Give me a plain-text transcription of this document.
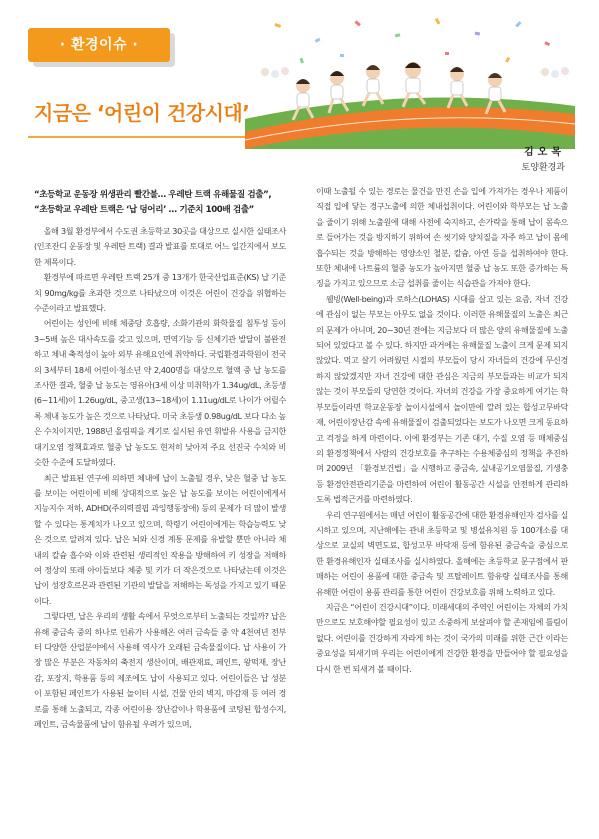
· 환경이슈 ·
지금은 ‘어린이 건강시대’
김오목
토양환경과
“초등학교 운동장 위생관리 빨간불… 우레탄 트랙 유해물질 검출”,
“초등학교 우레탄 트랙은 ‘납 덩어리’ … 기준치 100배 검출”

올해 3월 환경부에서 수도권 초등학교 30곳을 대상으로 실시한 실태조사(인조잔디 운동장 및 우레탄 트랙) 결과 발표를 토대로 어느 일간지에서 보도한 제목이다.

환경부에 따르면 우레탄 트랙 25개 중 13개가 한국산업표준(KS) 납 기준치 90mg/kg를 초과한 것으로 나타났으며 이것은 어린이 건강을 위협하는 수준이라고 발표했다.

어린이는 성인에 비해 체중당 호흡량, 소화기관의 화학물질 침투성 등이 3~5배 높은 대사속도를 갖고 있으며, 면역기능 등 신체기관 발달이 불완전하고 체내 축적성이 높아 외부 유해요인에 취약하다. 국립환경과학원이 전국의 3세부터 18세 어린이·청소년 약 2,400명을 대상으로 혈액 중 납 농도를 조사한 결과, 혈중 납 농도는 영유아(3세 이상 미취학)가 1.34ug/dL, 초등생(6~11세)이 1.26ug/dL, 중고생(13~18세)이 1.11ug/dL로 나이가 어릴수록 체내 농도가 높은 것으로 나타났다. 미국 초등생 0.98ug/dL 보다 다소 높은 수치이지만, 1988년 올림픽을 계기로 실시된 유연 휘발유 사용을 금지한 대기오염 정책효과로 혈중 납 농도도 현저히 낮아져 주요 선진국 수치와 비슷한 수준에 도달하였다.

최근 발표된 연구에 의하면 체내에 납이 노출될 경우, 낮은 혈중 납 농도를 보이는 어린이에 비해 상대적으로 높은 납 농도를 보이는 어린이에게서 지능지수 저하, ADHD(주의력결핍 과잉행동장애) 등의 문제가 더 많이 발생할 수 있다는 통계치가 나오고 있으며, 학령기 어린이에게는 학습능력도 낮은 것으로 알려져 있다. 납은 뇌와 신경 계통 문제를 유발할 뿐만 아니라 체내의 칼슘 흡수와 이와 관련된 생리적인 작용을 방해하여 키 성장을 저해하여 정상의 또래 아이들보다 체중 및 키가 더 작은것으로 나타났는데 이것은 납이 성장호르몬과 관련된 기관의 발달을 저해하는 독성을 가지고 있기 때문이다.

그렇다면, 납은 우리의 생활 속에서 무엇으로부터 노출되는 것일까? 납은 유해 중금속 중의 하나로 인류가 사용해온 여러 금속들 중 약 4천여년 전부터 다양한 산업분야에서 사용해 역사가 오래된 금속물질이다. 납 사용이 가장 많은 부분은 자동차의 축전지 생산이며, 배관재료, 페인트, 왕떡재, 장난감, 포장지, 학용품 등의 제조에도 납이 사용되고 있다. 어린이들은 납 성분이 포함된 페인트가 사용된 놀이터 시설, 건물 안의 벽지, 마감재 등 여러 경로를 통해 노출되고, 각종 어린이용 장난감이나 학용품에 코팅된 합성수지, 페인트, 금속물품에 납이 함유될 우려가 있으며,

이때 노출될 수 있는 경로는 물건을 만진 손을 입에 가져가는 경우나 제품이 직접 입에 닿는 경구노출에 의한 체내섭취이다. 어린이와 학부모는 납 노출을 줄이기 위해 노출원에 대해 사전에 숙지하고, 손가락을 통해 납이 몸속으로 들어가는 것을 방지하기 위하여 손 씻기와 양치질을 자주 하고 납이 몸에 흡수되는 것을 방해하는 영양소인 철분, 칼슘, 아연 등을 섭취하여야 한다. 또한 체내에 나트륨의 혈중 농도가 높아지면 혈중 납 농도 또한 증가하는 특징을 가지고 있으므로 소금 섭취를 줄이는 식습관을 가져야 한다.

웰빙(Well-being)과 로하스(LOHAS) 시대를 살고 있는 요즘, 자녀 건강에 관심이 없는 부모는 아무도 없을 것이다. 이러한 유해물질의 노출은 최근의 문제가 아니며, 20~30년 전에는 지금보다 더 많은 양의 유해물질에 노출되어 있었다고 볼 수 있다. 하지만 과거에는 유해물질 노출이 크게 문제 되지 않았다. 먹고 살기 어려웠던 시절의 부모들이 당시 자녀들의 건강에 무신경하지 않았겠지만 자녀 건강에 대한 관심은 지금의 부모들과는 비교가 되지 않는 것이 부모들의 당연한 것이다. 자녀의 건강을 가장 중요하게 여기는 학부모들이라면 학교운동장 놀이시설에서 놀이만에 깔려 있는 합성고무바닥재, 어린이장난감 속에 유해물질이 검출되었다는 보도가 나오면 크게 동요하고 걱정을 하게 마련이다. 이에 환경부는 기존 대기, 수질 오염 등 매체중심의 환경정책에서 사람의 건강보호를 추구하는 수용체중심의 정책을 추진하며 2009년 「환경보건법」을 시행하고 중금속, 실내공기오염물질, 기생충 등 환경안전관리기준을 마련하여 어린이 활동공간 시설을 안전하게 관리하도록 법적근거를 마련하였다.

우리 연구원에서는 매년 어린이 활동공간에 대한 환경유해인자 검사를 실시하고 있으며, 지난해에는 관내 초등학교 및 병설유치원 등 100개소를 대상으로 교실의 벽면도료, 합성고무 바닥재 등에 함유된 중금속을 중심으로 한 환경유해인자 실태조사를 실시하였다. 올해에는 초등학교 문구점에서 판매하는 어린이 용품에 대한 중금속 및 프탈레이트 함유량 실태조사를 통해 유해한 어린이 용품 관리를 통한 어린이 건강보호를 위해 노력하고 있다.

지금은 “어린이 건강시대”이다. 미래세대의 주역인 어린이는 자체의 가치만으로도 보호해야할 필요성이 있고 소중하게 보살펴야 할 존재임에 틀림이 없다. 어린이를 건강하게 자라게 하는 것이 국가의 미래를 위한 근간 이라는 중요성을 되새기며 우리는 어린이에게 건강한 환경을 만들어야 할 필요성을 다시 한 번 되새겨 볼 때이다.
